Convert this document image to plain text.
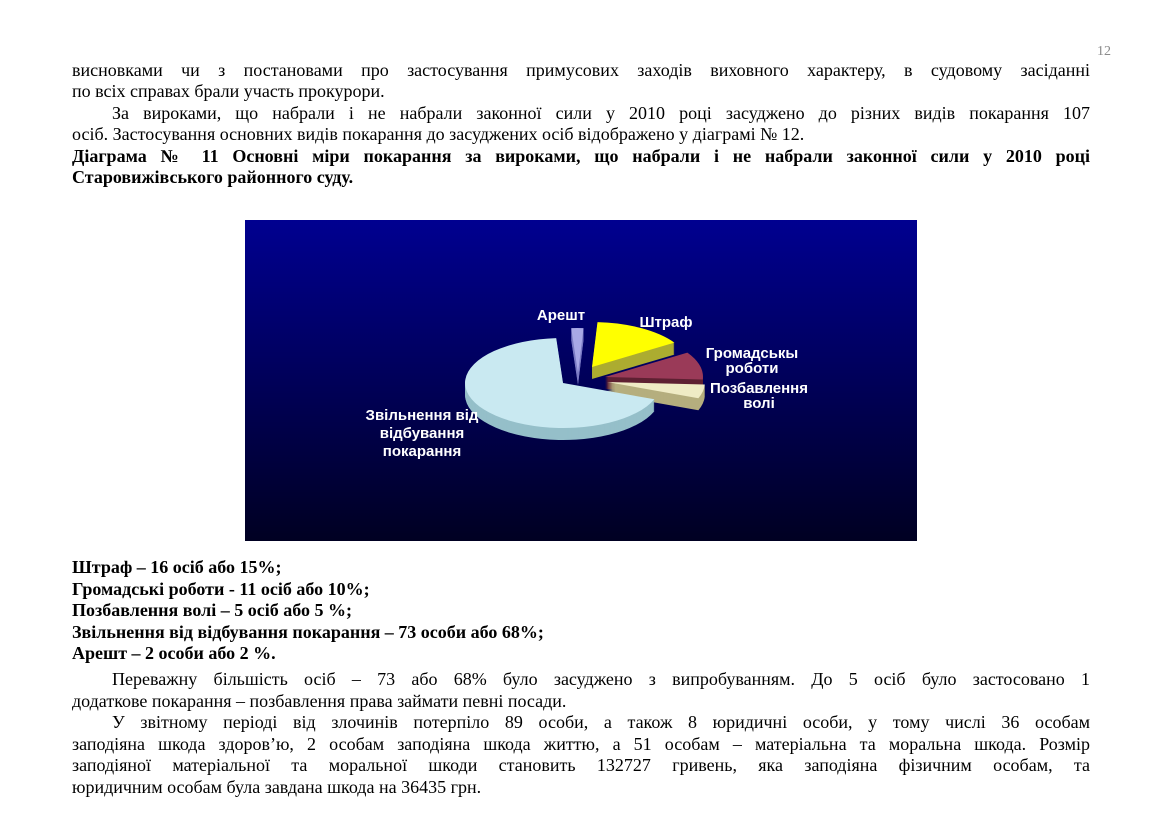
12
висновками чи з постановами про застосування примусових заходів виховного характеру, в судовому засіданні
по всіх справах брали участь прокурори.
За вироками, що набрали і не набрали законної сили у 2010 році засуджено до різних видів покарання 107
осіб. Застосування основних видів покарання до засуджених осіб відображено у діаграмі № 12.
Діаграма № 11 Основні міри покарання за вироками, що набрали і не набрали законної сили у 2010 році
Старовижівського районного суду.
Арешт	Штраф
Громадськы
роботи
Позбавлення
волі
Звільнення від
відбування
покарання
Штраф – 16 осіб або 15%;
Громадські роботи - 11 осіб або 10%;
Позбавлення волі – 5 осіб або 5 %;
Звільнення від відбування покарання – 73 особи або 68%;
Арешт – 2 особи або 2 %.
Переважну більшість осіб – 73 або 68% було засуджено з випробуванням. До 5 осіб було застосовано 1
додаткове покарання – позбавлення права займати певні посади.
У звітному періоді від злочинів потерпіло 89 особи, а також 8 юридичні особи, у тому числі 36 особам
заподіяна шкода здоров’ю, 2 особам заподіяна шкода життю, а 51 особам – матеріальна та моральна шкода. Розмір
заподіяної матеріальної та моральної шкоди становить 132727 гривень, яка заподіяна фізичним особам, та
юридичним особам була завдана шкода на 36435 грн.
